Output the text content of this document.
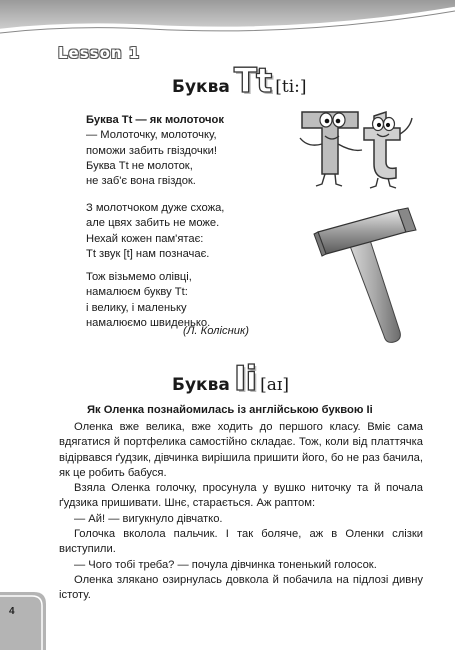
Lesson 1
Буква Tt [ti:]
Буква Tt — як молоточок
— Молоточку, молоточку,
поможи забить гвіздочки!
Буква Tt не молоток,
не заб'є вона гвіздок.
З молотчоком дуже схожа,
але цвях забить не може.
Нехай кожен пам'ятає:
Tt звук [t] нам позначає.
Тож візьмемо олівці,
намалюєм букву Tt:
і велику, і маленьку
намалюємо швиденько.
(Л. Колісник)
Буква Ii [aɪ]
Як Оленка познайомилась із англійською буквою Ii

Оленка вже велика, вже ходить до першого класу. Вміє сама вдягатися й портфелика самостійно складає. Тож, коли від платтячка відірвався ґудзик, дівчинка вирішила пришити його, бо не раз бачила, як це робить бабуся.

Взяла Оленка голочку, просунула у вушко ниточку та й почала ґудзика пришивати. Шнє, старається. Аж раптом:

— Ай! — вигукнуло дівчатко.

Голочка вколола пальчик. І так боляче, аж в Оленки слізки виступили.

— Чого тобі треба? — почула дівчинка тоненький голосок.

Оленка злякано озирнулась довкола й побачила на підлозі дивну істоту.

4
